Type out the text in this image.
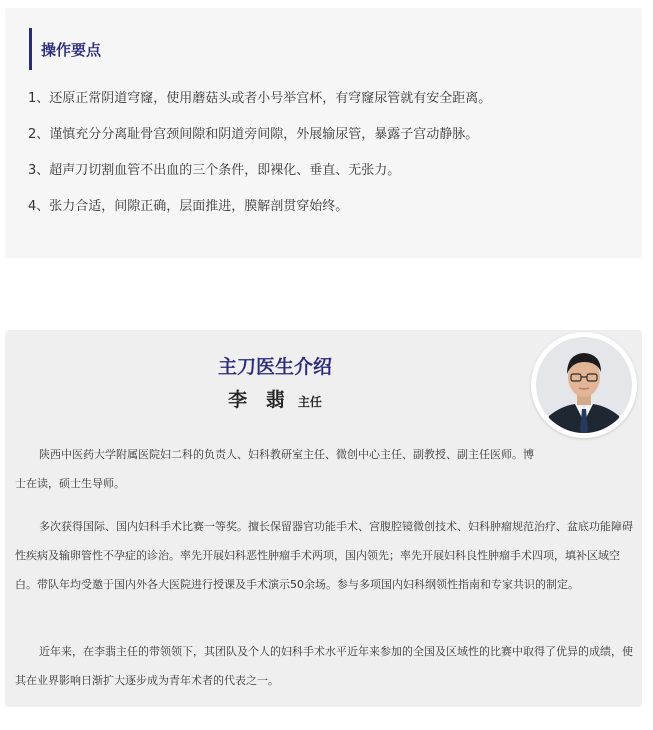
操作要点
1、还原正常阴道穹窿，使用蘑菇头或者小号举宫杯，有穹窿尿管就有安全距离。
2、谨慎充分分离耻骨宫颈间隙和阴道旁间隙，外展输尿管，暴露子宫动静脉。
3、超声刀切割血管不出血的三个条件，即裸化、垂直、无张力。
4、张力合适，间隙正确，层面推进，膜解剖贯穿始终。
主刀医生介绍
李 翡 主任

陕西中医药大学附属医院妇二科的负责人、妇科教研室主任、微创中心主任、副教授、副主任医师。博士在读，硕士生导师。

多次获得国际、国内妇科手术比赛一等奖。擅长保留器官功能手术、宫腹腔镜微创技术、妇科肿瘤规范治疗、盆底功能障碍性疾病及输卵管性不孕症的诊治。率先开展妇科恶性肿瘤手术两项，国内领先；率先开展妇科良性肿瘤手术四项，填补区域空白。带队年均受邀于国内外各大医院进行授课及手术演示50余场。参与多项国内妇科纲领性指南和专家共识的制定。

近年来，在李翡主任的带领领下，其团队及个人的妇科手术水平近年来参加的全国及区域性的比赛中取得了优异的成绩，使其在业界影响日渐扩大逐步成为青年术者的代表之一。
